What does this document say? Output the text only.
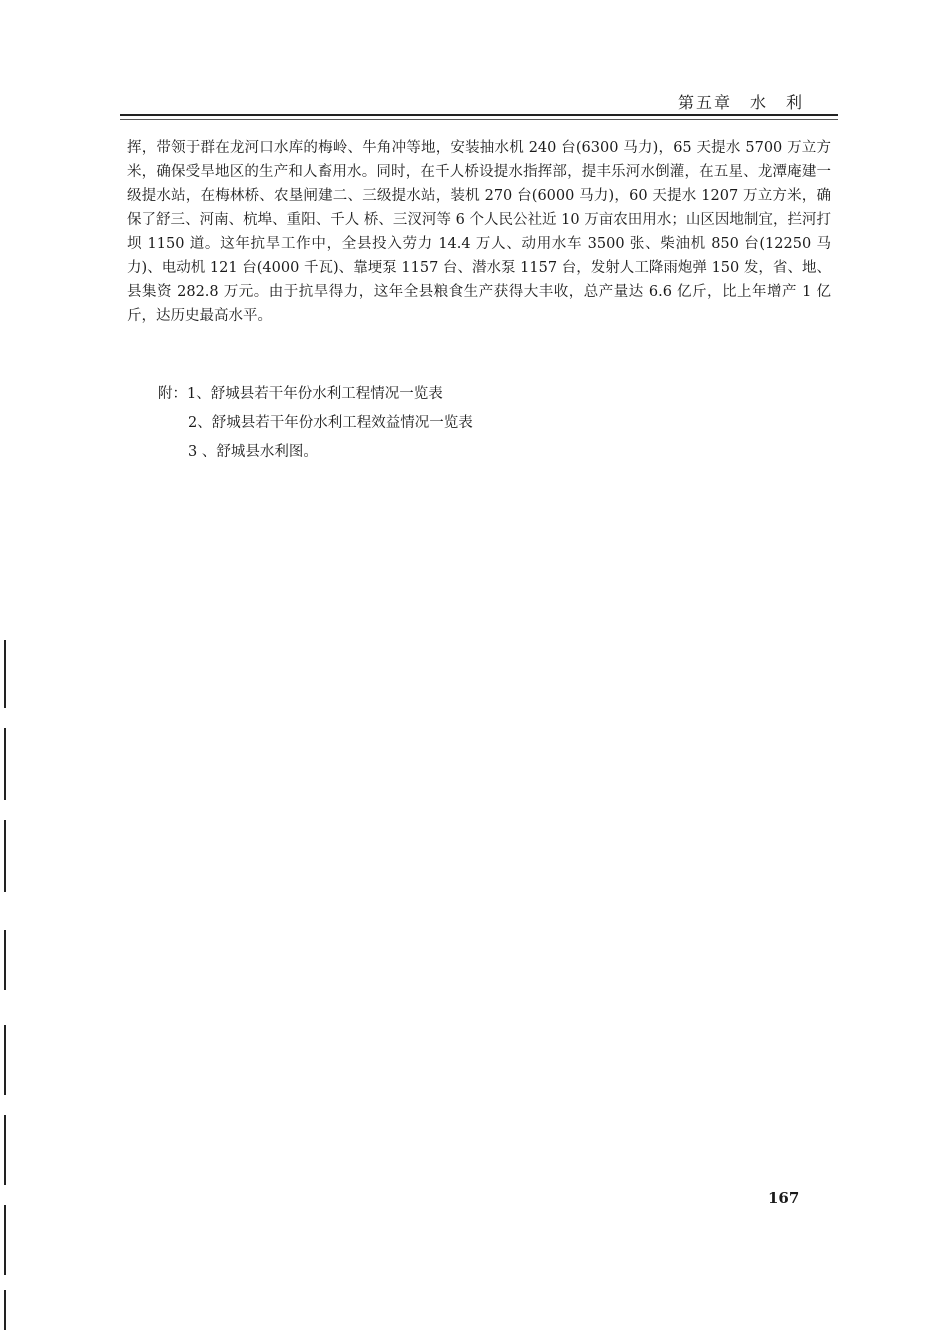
第五章　水　利

挥，带领于群在龙河口水库的梅岭、牛角冲等地，安装抽水机 240 台(6300 马力)，65 天提水 5700 万立方米，确保受旱地区的生产和人畜用水。同时，在千人桥设提水指挥部，提丰乐河水倒灌，在五星、龙潭庵建一级提水站，在梅林桥、农垦闸建二、三级提水站，装机 270 台(6000 马力)，60 天提水 1207 万立方米，确保了舒三、河南、杭埠、重阳、千人 桥、三汊河等 6 个人民公社近 10 万亩农田用水；山区因地制宜，拦河打坝 1150 道。这年抗旱工作中，全县投入劳力 14.4 万人、动用水车 3500 张、柴油机 850 台(12250 马力)、电动机 121 台(4000 千瓦)、靠埂泵 1157 台、潜水泵 1157 台，发射人工降雨炮弹 150 发，省、地、县集资 282.8 万元。由于抗旱得力，这年全县粮食生产获得大丰收，总产量达 6.6 亿斤，比上年增产 1 亿斤，达历史最高水平。

附： 1、舒城县若干年份水利工程情况一览表
2、舒城县若干年份水利工程效益情况一览表
3 、舒城县水利图。
167
